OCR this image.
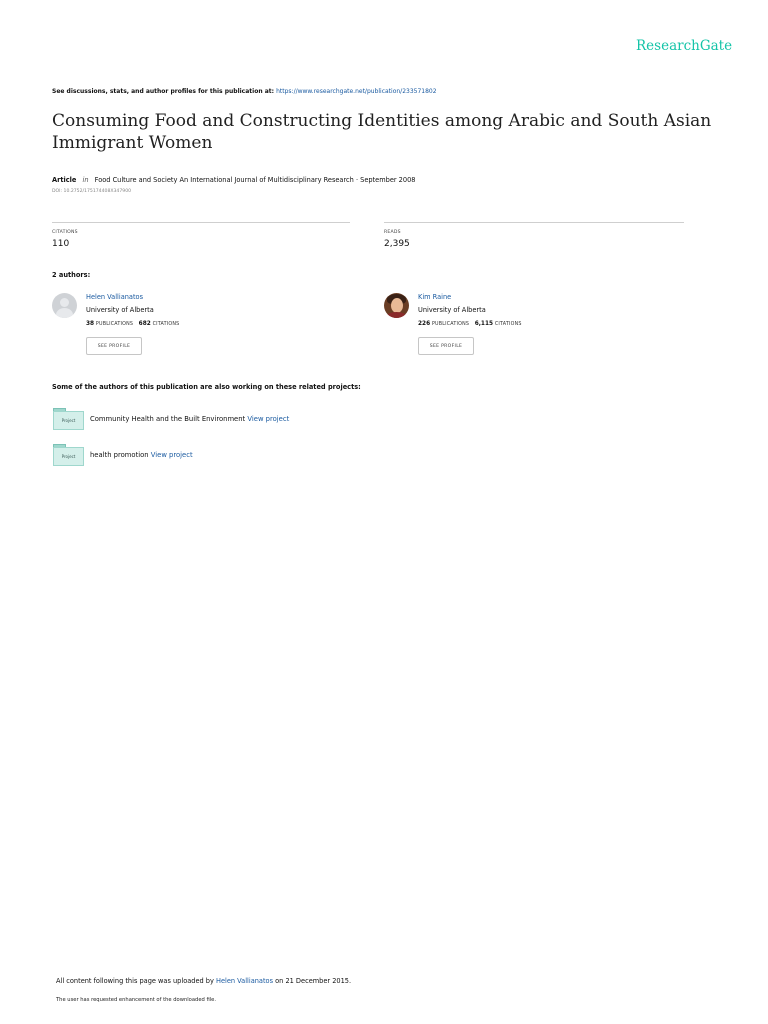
ResearchGate
See discussions, stats, and author profiles for this publication at: https://www.researchgate.net/publication/233571802
Consuming Food and Constructing Identities among Arabic and South Asian Immigrant Women
Article in Food Culture and Society An International Journal of Multidisciplinary Research · September 2008
DOI: 10.2752/175174408X347900
CITATIONS
110
READS
2,395
2 authors:
Helen Vallianatos
University of Alberta
38 PUBLICATIONS 682 CITATIONS
SEE PROFILE
Kim Raine
University of Alberta
226 PUBLICATIONS 6,115 CITATIONS
SEE PROFILE
Some of the authors of this publication are also working on these related projects:
Project	Community Health and the Built Environment View project
Project	health promotion View project
All content following this page was uploaded by Helen Vallianatos on 21 December 2015.
The user has requested enhancement of the downloaded file.
